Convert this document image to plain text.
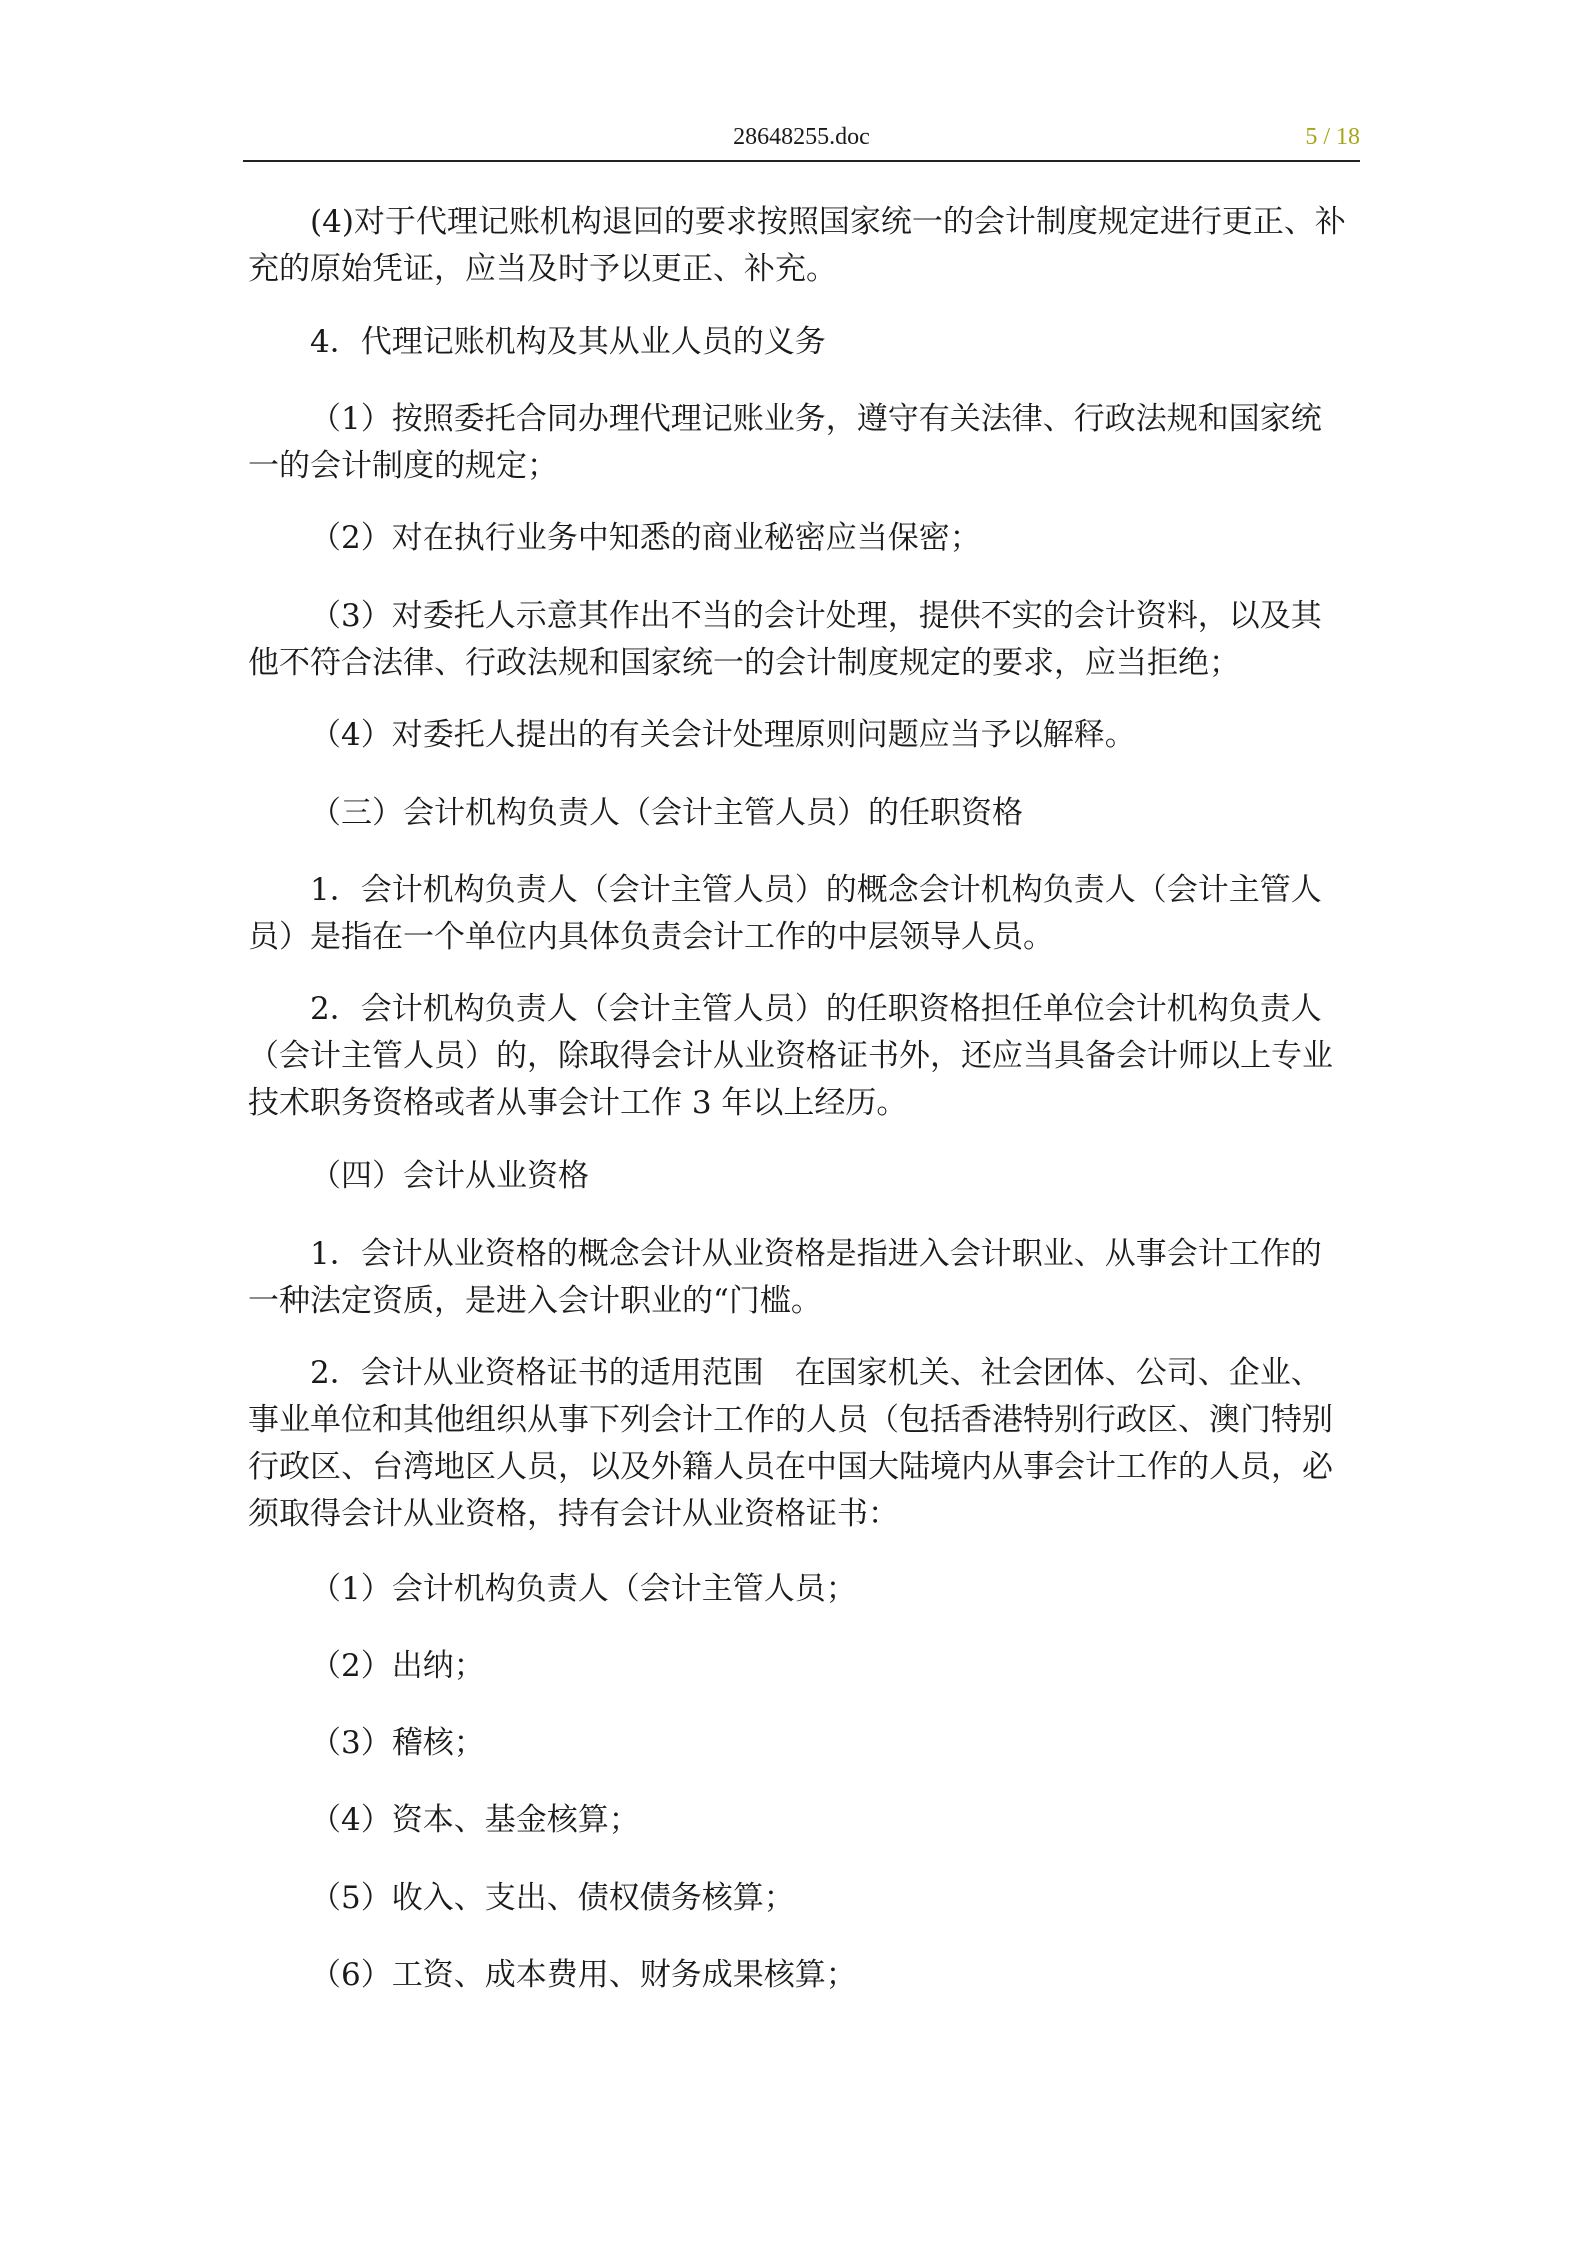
28648255.doc	5 / 18

(4)对于代理记账机构退回的要求按照国家统一的会计制度规定进行更正、补充的原始凭证，应当及时予以更正、补充。

4．代理记账机构及其从业人员的义务

（1）按照委托合同办理代理记账业务，遵守有关法律、行政法规和国家统一的会计制度的规定；

（2）对在执行业务中知悉的商业秘密应当保密；

（3）对委托人示意其作出不当的会计处理，提供不实的会计资料，以及其他不符合法律、行政法规和国家统一的会计制度规定的要求，应当拒绝；

（4）对委托人提出的有关会计处理原则问题应当予以解释。

（三）会计机构负责人（会计主管人员）的任职资格

1．会计机构负责人（会计主管人员）的概念会计机构负责人（会计主管人员）是指在一个单位内具体负责会计工作的中层领导人员。

2．会计机构负责人（会计主管人员）的任职资格担任单位会计机构负责人（会计主管人员）的，除取得会计从业资格证书外，还应当具备会计师以上专业技术职务资格或者从事会计工作 3 年以上经历。

（四）会计从业资格

1．会计从业资格的概念会计从业资格是指进入会计职业、从事会计工作的一种法定资质，是进入会计职业的“门槛。

2．会计从业资格证书的适用范围　在国家机关、社会团体、公司、企业、事业单位和其他组织从事下列会计工作的人员（包括香港特别行政区、澳门特别行政区、台湾地区人员，以及外籍人员在中国大陆境内从事会计工作的人员，必须取得会计从业资格，持有会计从业资格证书：

（1）会计机构负责人（会计主管人员；

（2）出纳；

（3）稽核；

（4）资本、基金核算；

（5）收入、支出、债权债务核算；

（6）工资、成本费用、财务成果核算；
